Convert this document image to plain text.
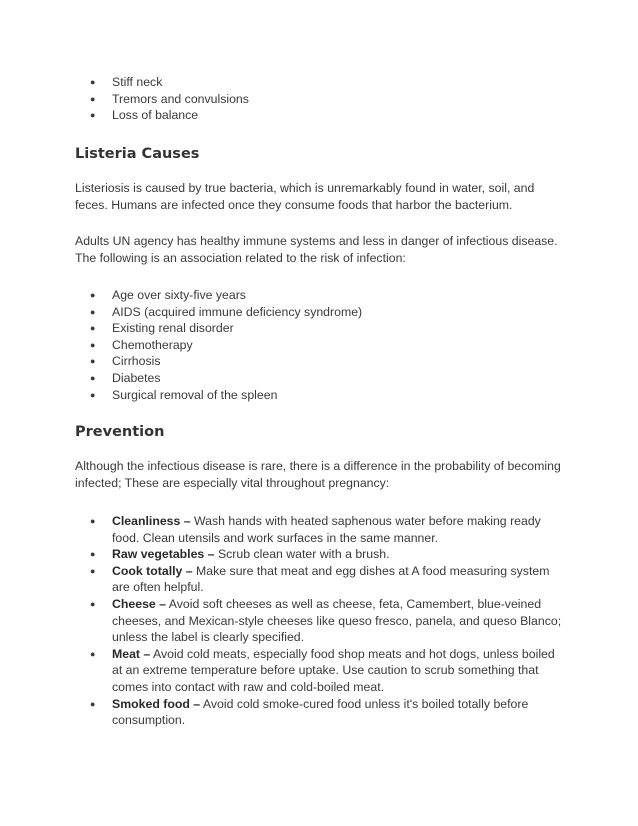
● Stiff neck
● Tremors and convulsions
● Loss of balance
Listeria Causes

Listeriosis is caused by true bacteria, which is unremarkably found in water, soil, and feces. Humans are infected once they consume foods that harbor the bacterium.

Adults UN agency has healthy immune systems and less in danger of infectious disease. The following is an association related to the risk of infection:

● Age over sixty-five years
● AIDS (acquired immune deficiency syndrome)
● Existing renal disorder
● Chemotherapy
● Cirrhosis
● Diabetes
● Surgical removal of the spleen
Prevention

Although the infectious disease is rare, there is a difference in the probability of becoming infected; These are especially vital throughout pregnancy:

● Cleanliness – Wash hands with heated saphenous water before making ready food. Clean utensils and work surfaces in the same manner.
● Raw vegetables – Scrub clean water with a brush.
● Cook totally – Make sure that meat and egg dishes at A food measuring system are often helpful.
● Cheese – Avoid soft cheeses as well as cheese, feta, Camembert, blue-veined cheeses, and Mexican-style cheeses like queso fresco, panela, and queso Blanco; unless the label is clearly specified.
● Meat – Avoid cold meats, especially food shop meats and hot dogs, unless boiled at an extreme temperature before uptake. Use caution to scrub something that comes into contact with raw and cold-boiled meat.
● Smoked food – Avoid cold smoke-cured food unless it's boiled totally before consumption.
